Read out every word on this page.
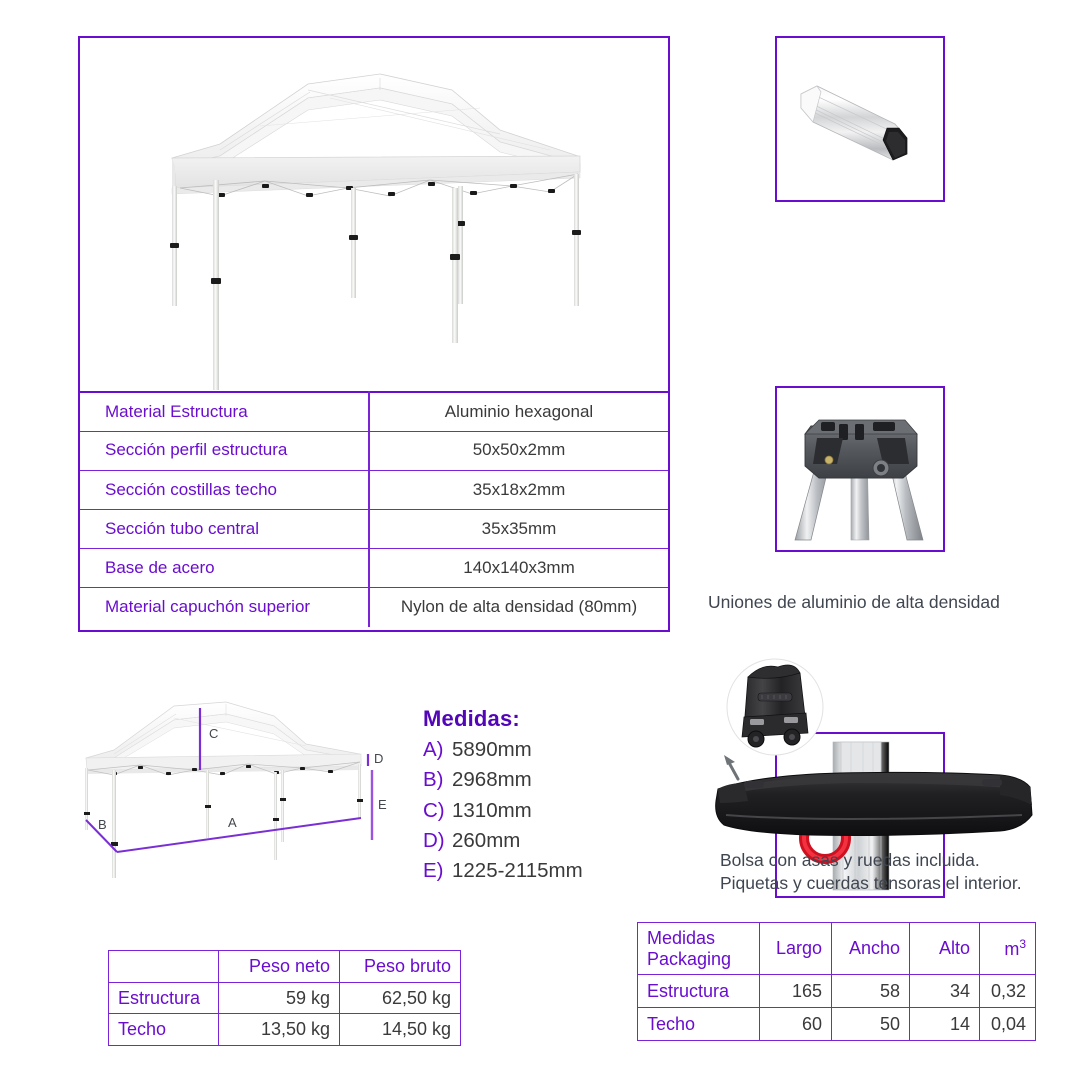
Material Estructura	Aluminio hexagonal
Sección perfil estructura	50x50x2mm
Sección costillas techo	35x18x2mm
Sección tubo central	35x35mm
Base de acero	140x140x3mm
Material capuchón superior	Nylon de alta densidad (80mm)	Uniones de aluminio de alta densidad
C
D
E
A
B
Medidas:
A) 5890mm
B) 2968mm
C) 1310mm
D) 260mm
E) 1225-2115mm	Bolsa con asas y ruedas incluida.
Piquetas y cuerdas tensoras el interior.
	Peso neto	Peso bruto
Estructura	59 kg	62,50 kg
Techo	13,50 kg	14,50 kg
Medidas
Packaging	Largo	Ancho	Alto	$m^3$
Estructura	165	58	34	0,32
Techo	60	50	14	0,04
